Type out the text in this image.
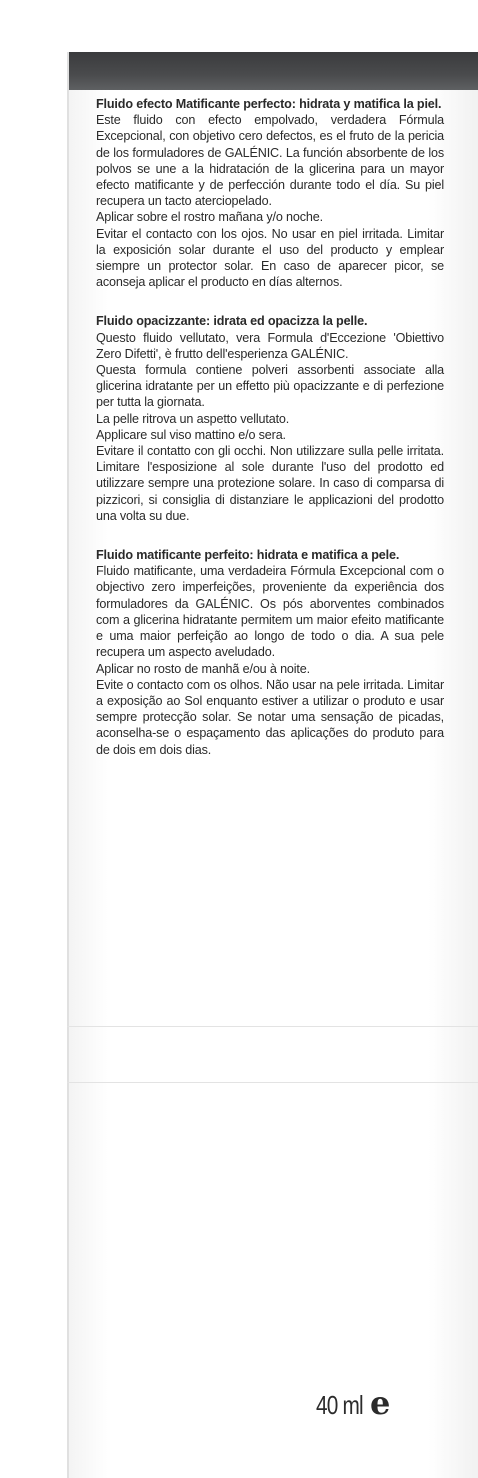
Fluido efecto Matificante perfecto: hidrata y matifica la piel.

Este fluido con efecto empolvado, verdadera Fórmula Excepcional, con objetivo cero defectos, es el fruto de la pericia de los formuladores de GALÉNIC. La función absorbente de los polvos se une a la hidratación de la glicerina para un mayor efecto matificante y de perfección durante todo el día. Su piel recupera un tacto aterciopelado.

Aplicar sobre el rostro mañana y/o noche.

Evitar el contacto con los ojos. No usar en piel irritada. Limitar la exposición solar durante el uso del producto y emplear siempre un protector solar. En caso de aparecer picor, se aconseja aplicar el producto en días alternos.

Fluido opacizzante: idrata ed opacizza la pelle.

Questo fluido vellutato, vera Formula d'Eccezione 'Obiettivo Zero Difetti', è frutto dell'esperienza GALÉNIC.

Questa formula contiene polveri assorbenti associate alla glicerina idratante per un effetto più opacizzante e di perfezione per tutta la giornata.

La pelle ritrova un aspetto vellutato.

Applicare sul viso mattino e/o sera.

Evitare il contatto con gli occhi. Non utilizzare sulla pelle irritata. Limitare l'esposizione al sole durante l'uso del prodotto ed utilizzare sempre una protezione solare. In caso di comparsa di pizzicori, si consiglia di distanziare le applicazioni del prodotto una volta su due.

Fluido matificante perfeito: hidrata e matifica a pele.

Fluido matificante, uma verdadeira Fórmula Excepcional com o objectivo zero imperfeições, proveniente da experiência dos formuladores da GALÉNIC. Os pós aborventes combinados com a glicerina hidratante permitem um maior efeito matificante e uma maior perfeição ao longo de todo o dia. A sua pele recupera um aspecto aveludado.

Aplicar no rosto de manhã e/ou à noite.

Evite o contacto com os olhos. Não usar na pele irritada. Limitar a exposição ao Sol enquanto estiver a utilizar o produto e usar sempre protecção solar. Se notar uma sensação de picadas, aconselha-se o espaçamento das aplicações do produto para de dois em dois dias.

40 ml e
